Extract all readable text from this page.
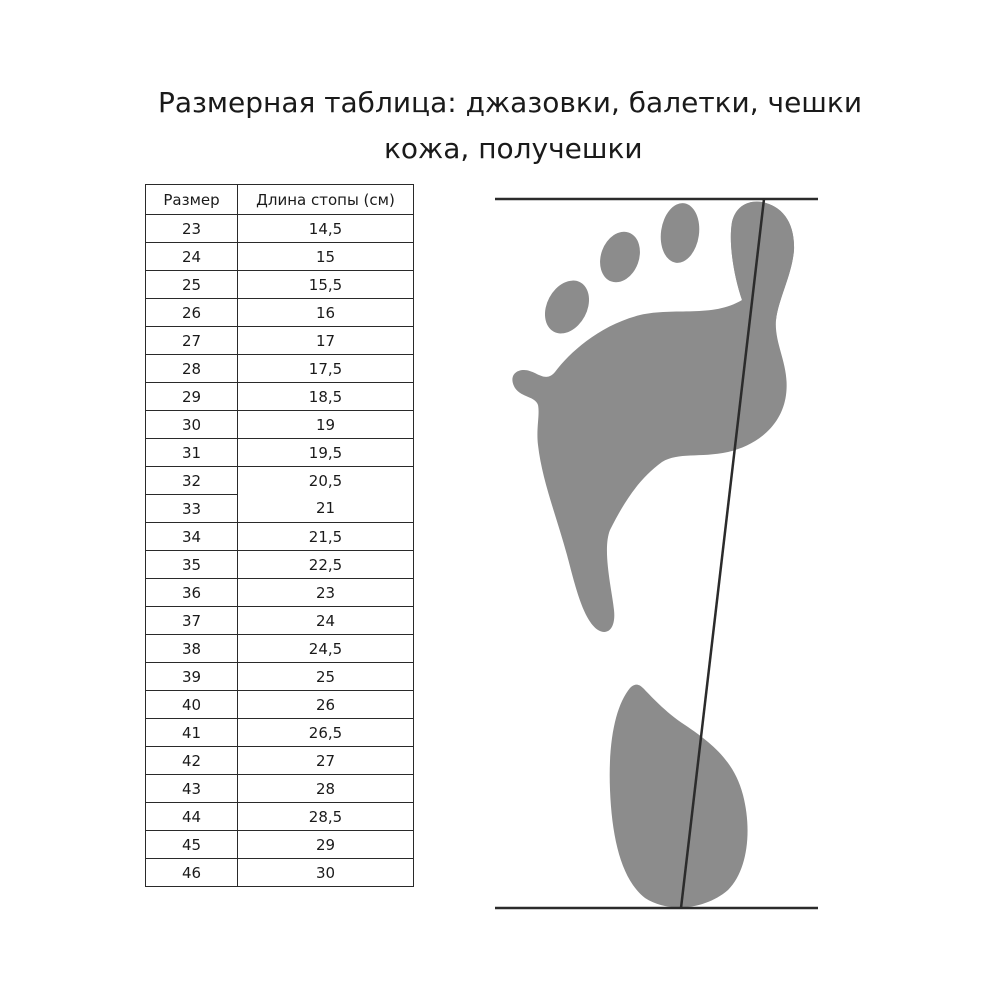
Размерная таблица: джазовки, балетки, чешки
кожа, получешки
Размер	Длина стопы (см)
23	14,5
24	15
25	15,5
26	16
27	17
28	17,5
29	18,5
30	19
31	19,5
32	20,5
33	21
34	21,5
35	22,5
36	23
37	24
38	24,5
39	25
40	26
41	26,5
42	27
43	28
44	28,5
45	29
46	30
